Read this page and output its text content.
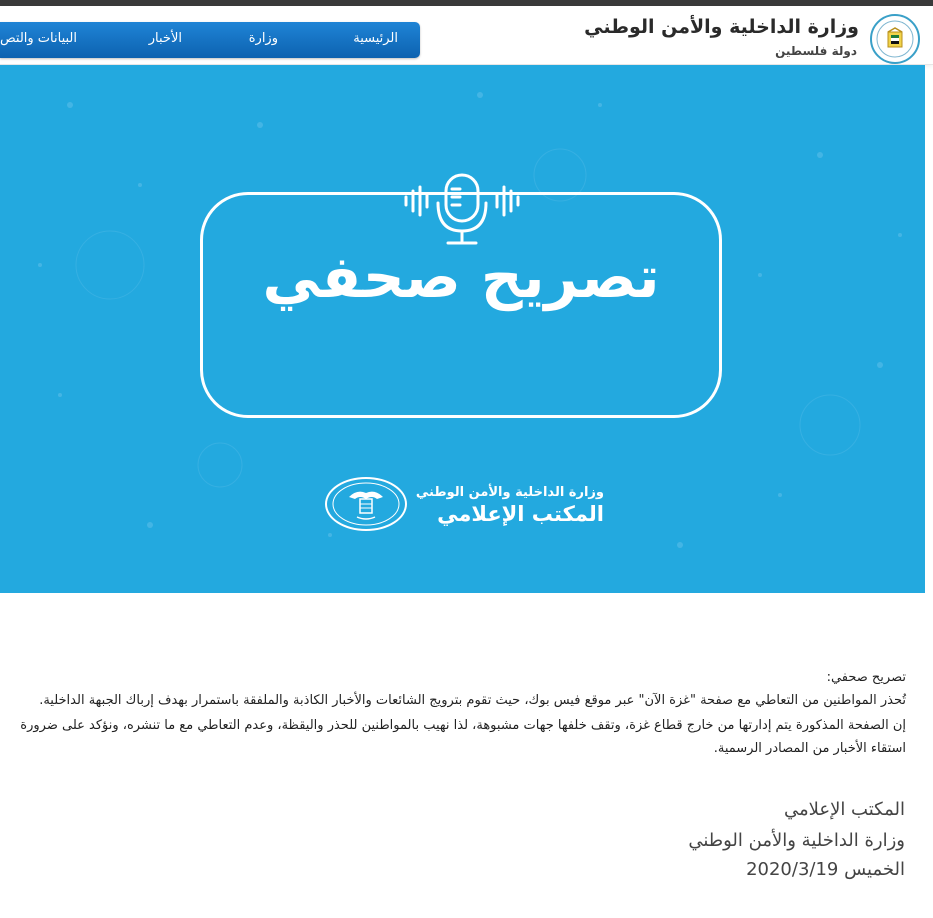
وزارة الداخلية والأمن الوطني
دولة فلسطين
الرئيسية
وزارة
الأخبار
البيانات والتص
تصريح صحفي
وزارة الداخلية والأمن الوطني
المكتب الإعلامي

تصريح صحفي:

تُحذر المواطنين من التعاطي مع صفحة "غزة الآن" عبر موقع فيس بوك، حيث تقوم بترويج الشائعات والأخبار الكاذبة والملفقة باستمرار بهدف إرباك الجبهة الداخلية.

إن الصفحة المذكورة يتم إدارتها من خارج قطاع غزة، وتقف خلفها جهات مشبوهة، لذا نهيب بالمواطنين للحذر واليقظة، وعدم التعاطي مع ما تنشره، ونؤكد على ضرورة استقاء الأخبار من المصادر الرسمية.

المكتب الإعلامي
وزارة الداخلية والأمن الوطني
الخميس 2020/3/19
